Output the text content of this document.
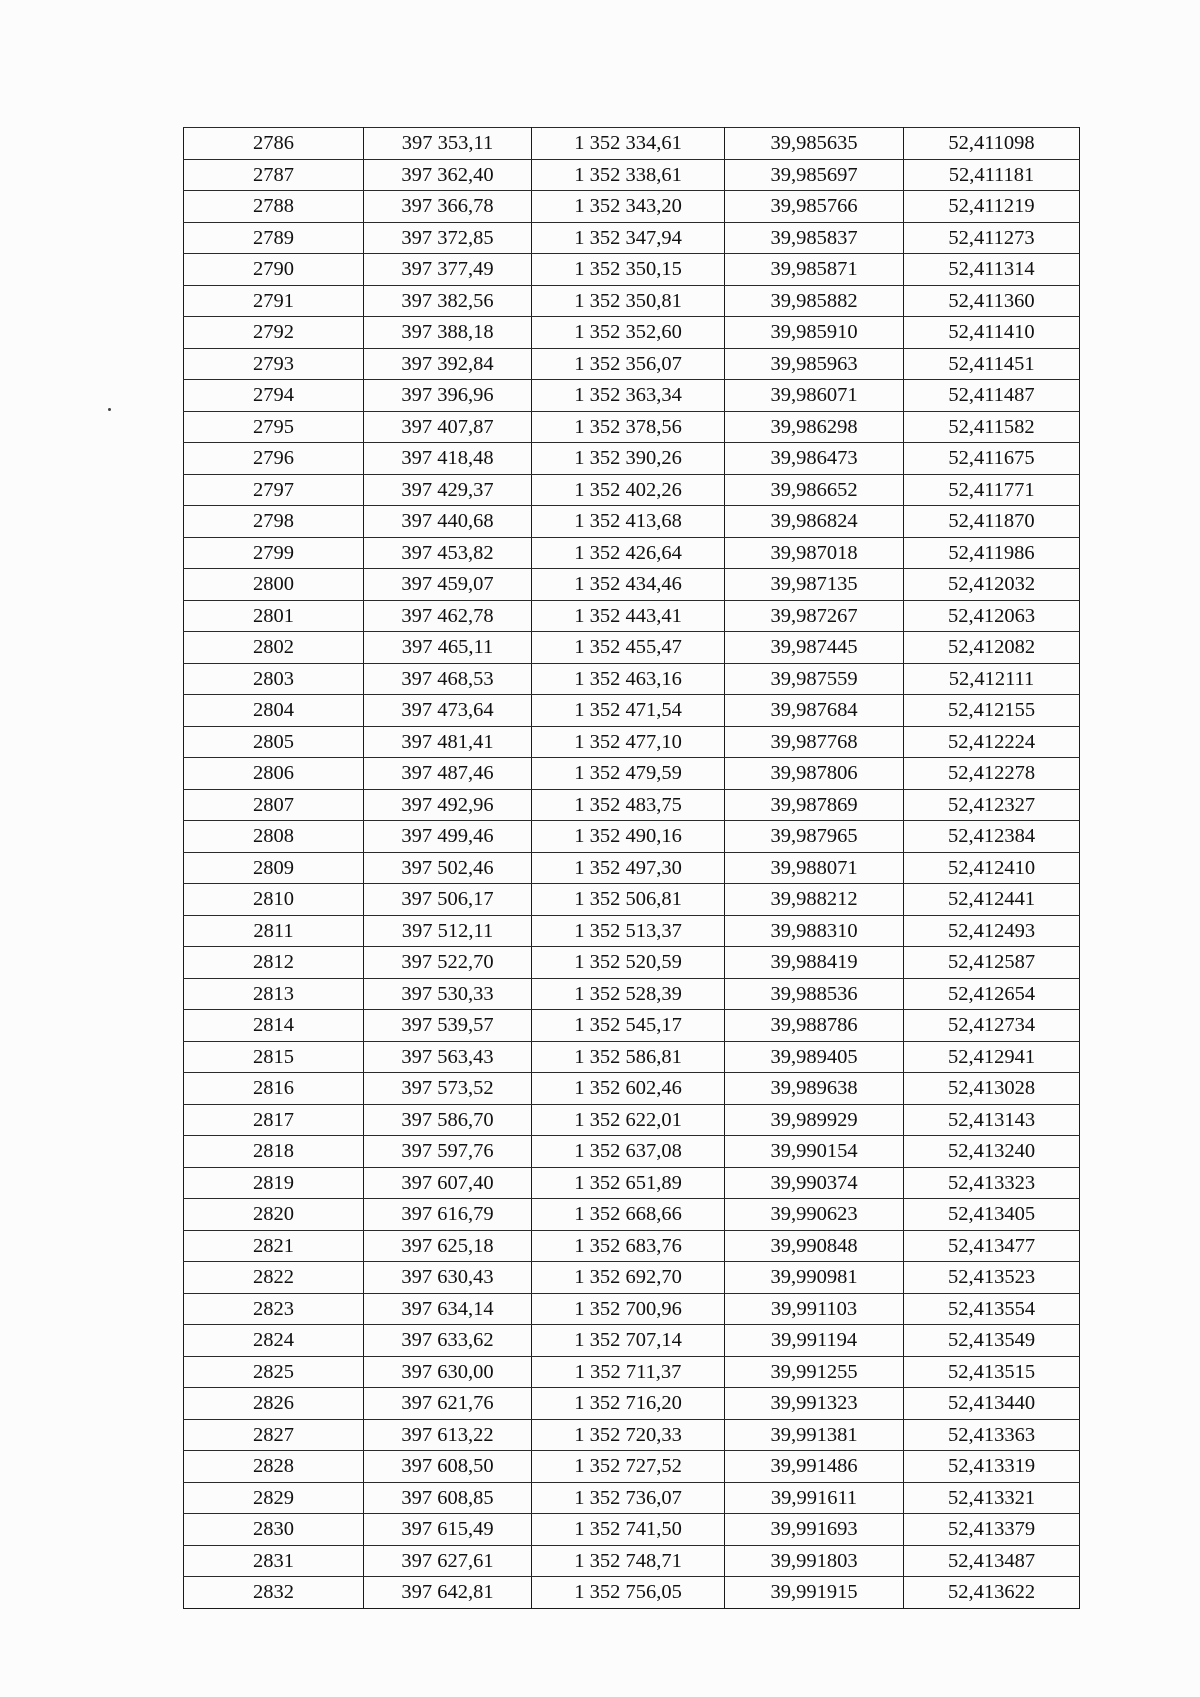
2786	397 353,11	1 352 334,61	39,985635	52,411098
2787	397 362,40	1 352 338,61	39,985697	52,411181
2788	397 366,78	1 352 343,20	39,985766	52,411219
2789	397 372,85	1 352 347,94	39,985837	52,411273
2790	397 377,49	1 352 350,15	39,985871	52,411314
2791	397 382,56	1 352 350,81	39,985882	52,411360
2792	397 388,18	1 352 352,60	39,985910	52,411410
2793	397 392,84	1 352 356,07	39,985963	52,411451
2794	397 396,96	1 352 363,34	39,986071	52,411487
2795	397 407,87	1 352 378,56	39,986298	52,411582
2796	397 418,48	1 352 390,26	39,986473	52,411675
2797	397 429,37	1 352 402,26	39,986652	52,411771
2798	397 440,68	1 352 413,68	39,986824	52,411870
2799	397 453,82	1 352 426,64	39,987018	52,411986
2800	397 459,07	1 352 434,46	39,987135	52,412032
2801	397 462,78	1 352 443,41	39,987267	52,412063
2802	397 465,11	1 352 455,47	39,987445	52,412082
2803	397 468,53	1 352 463,16	39,987559	52,412111
2804	397 473,64	1 352 471,54	39,987684	52,412155
2805	397 481,41	1 352 477,10	39,987768	52,412224
2806	397 487,46	1 352 479,59	39,987806	52,412278
2807	397 492,96	1 352 483,75	39,987869	52,412327
2808	397 499,46	1 352 490,16	39,987965	52,412384
2809	397 502,46	1 352 497,30	39,988071	52,412410
2810	397 506,17	1 352 506,81	39,988212	52,412441
2811	397 512,11	1 352 513,37	39,988310	52,412493
2812	397 522,70	1 352 520,59	39,988419	52,412587
2813	397 530,33	1 352 528,39	39,988536	52,412654
2814	397 539,57	1 352 545,17	39,988786	52,412734
2815	397 563,43	1 352 586,81	39,989405	52,412941
2816	397 573,52	1 352 602,46	39,989638	52,413028
2817	397 586,70	1 352 622,01	39,989929	52,413143
2818	397 597,76	1 352 637,08	39,990154	52,413240
2819	397 607,40	1 352 651,89	39,990374	52,413323
2820	397 616,79	1 352 668,66	39,990623	52,413405
2821	397 625,18	1 352 683,76	39,990848	52,413477
2822	397 630,43	1 352 692,70	39,990981	52,413523
2823	397 634,14	1 352 700,96	39,991103	52,413554
2824	397 633,62	1 352 707,14	39,991194	52,413549
2825	397 630,00	1 352 711,37	39,991255	52,413515
2826	397 621,76	1 352 716,20	39,991323	52,413440
2827	397 613,22	1 352 720,33	39,991381	52,413363
2828	397 608,50	1 352 727,52	39,991486	52,413319
2829	397 608,85	1 352 736,07	39,991611	52,413321
2830	397 615,49	1 352 741,50	39,991693	52,413379
2831	397 627,61	1 352 748,71	39,991803	52,413487
2832	397 642,81	1 352 756,05	39,991915	52,413622
